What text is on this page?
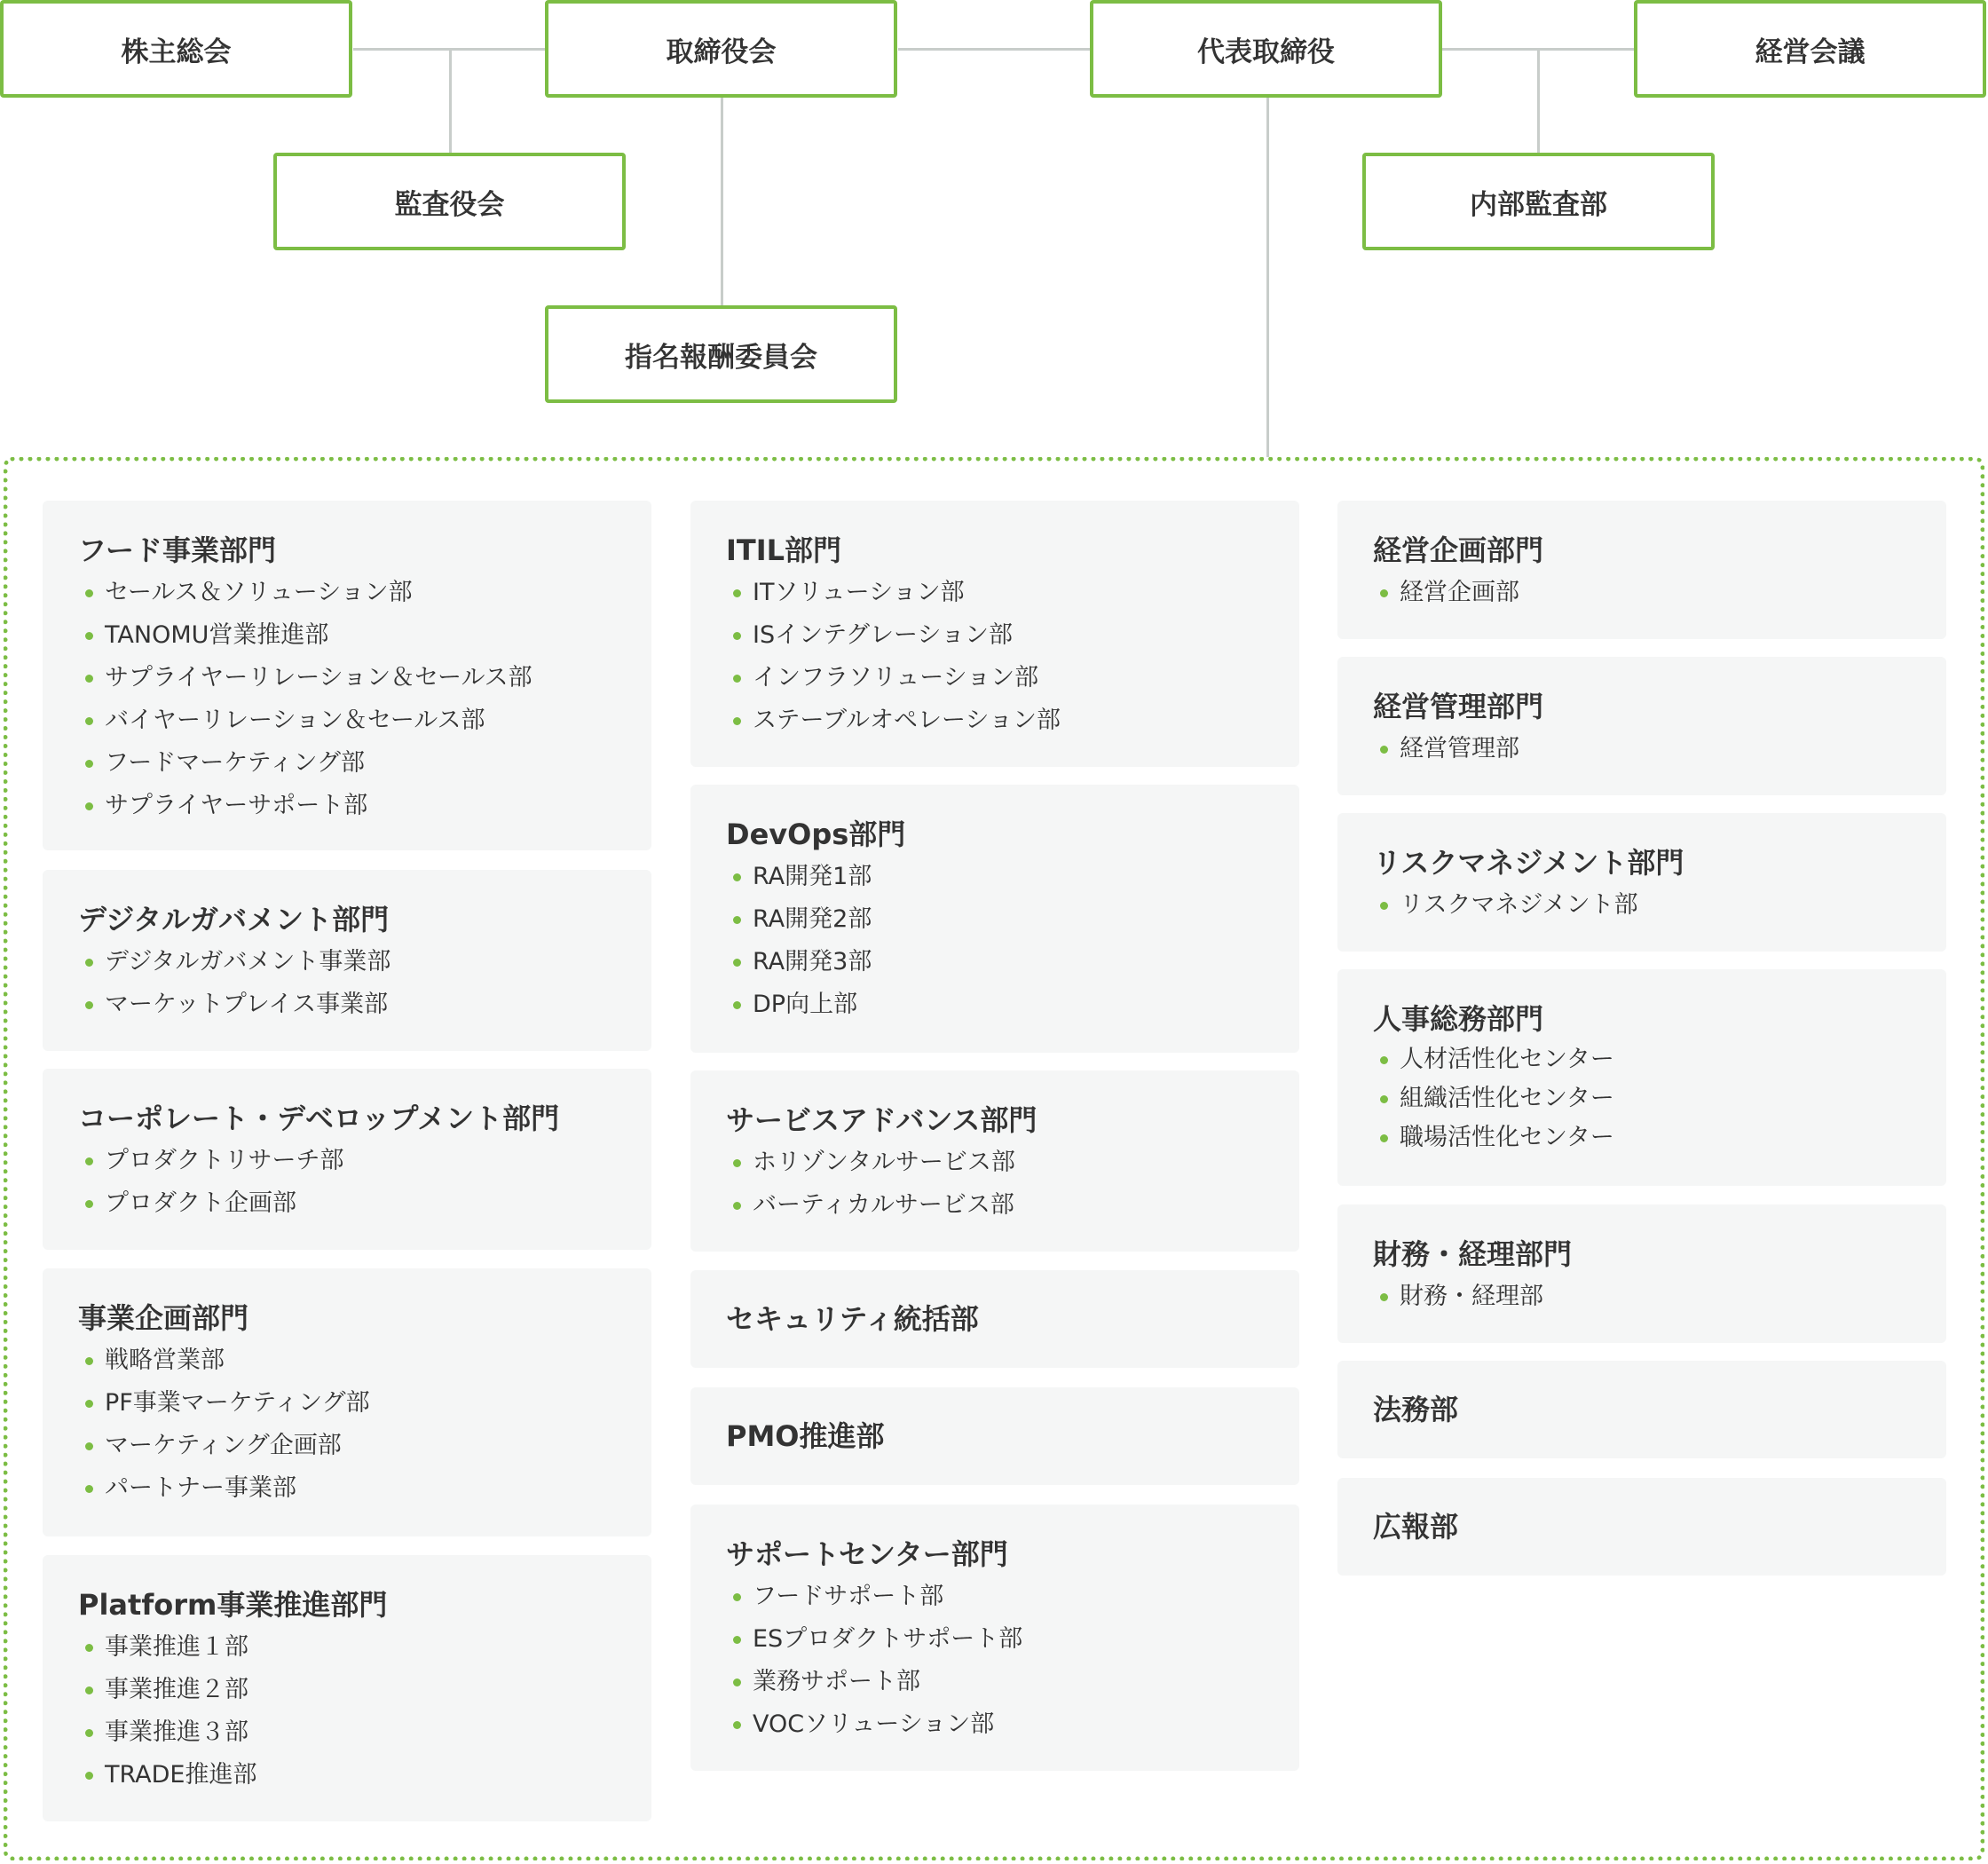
株主総会	取締役会	代表取締役	経営会議
監査役会	内部監査部
指名報酬委員会
フード事業部門
セールス＆ソリューション部
TANOMU営業推進部
サプライヤーリレーション＆セールス部
バイヤーリレーション＆セールス部
フードマーケティング部
サプライヤーサポート部
デジタルガバメント部門
デジタルガバメント事業部
マーケットプレイス事業部
コーポレート・デベロップメント部門
プロダクトリサーチ部
プロダクト企画部
事業企画部門
戦略営業部
PF事業マーケティング部
マーケティング企画部
パートナー事業部
Platform事業推進部門
事業推進１部
事業推進２部
事業推進３部
TRADE推進部
ITIL部門
ITソリューション部
ISインテグレーション部
インフラソリューション部
ステーブルオペレーション部
DevOps部門
RA開発1部
RA開発2部
RA開発3部
DP向上部
サービスアドバンス部門
ホリゾンタルサービス部
バーティカルサービス部
セキュリティ統括部
PMO推進部
サポートセンター部門
フードサポート部
ESプロダクトサポート部
業務サポート部
VOCソリューション部
経営企画部門
経営企画部
経営管理部門
経営管理部
リスクマネジメント部門
リスクマネジメント部
人事総務部門
人材活性化センター
組織活性化センター
職場活性化センター
財務・経理部門
財務・経理部
法務部
広報部
